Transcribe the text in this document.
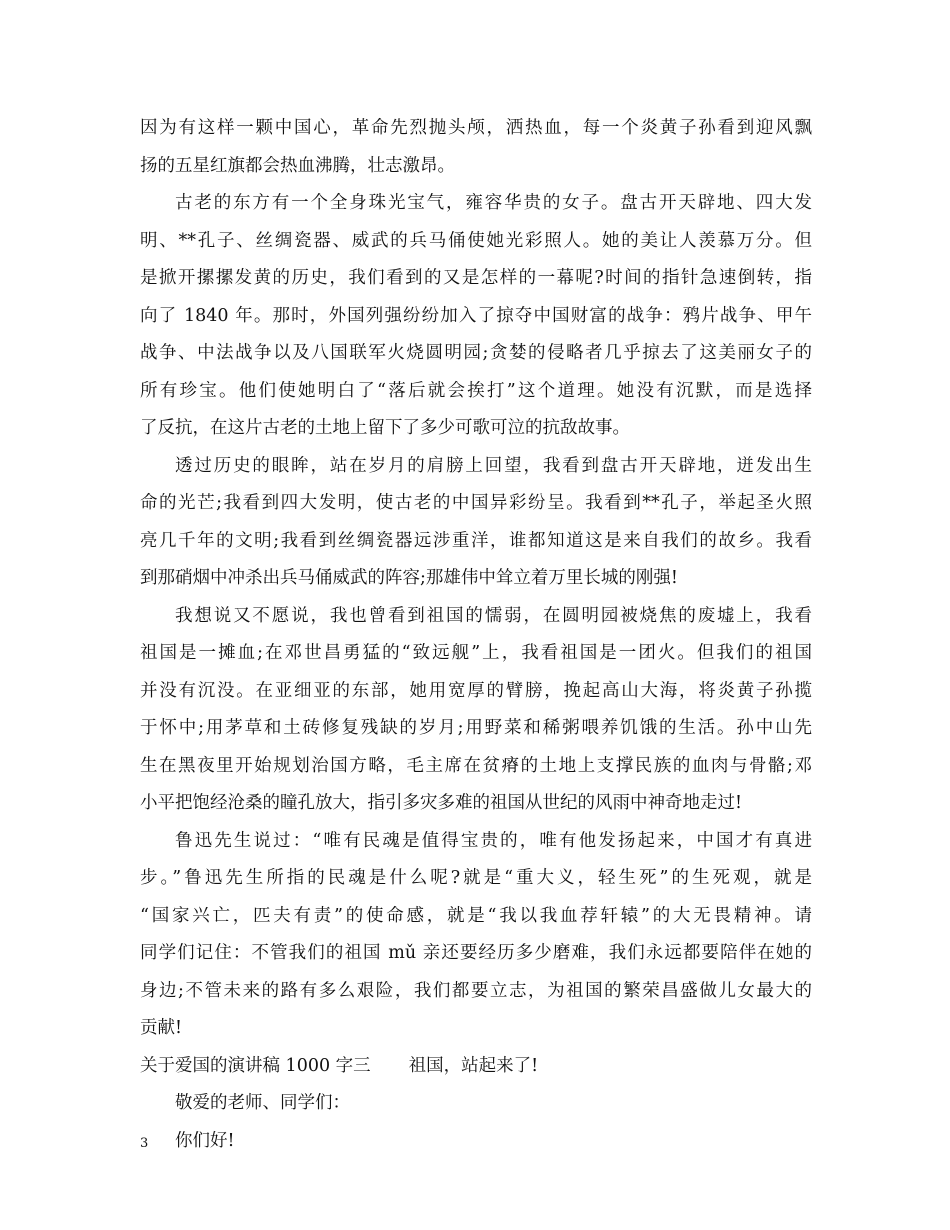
因为有这样一颗中国心，革命先烈抛头颅，洒热血，每一个炎黄子孙看到迎风飘
扬的五星红旗都会热血沸腾，壮志激昂。
古老的东方有一个全身珠光宝气，雍容华贵的女子。盘古开天辟地、四大发
明、**孔子、丝绸瓷器、威武的兵马俑使她光彩照人。她的美让人羡慕万分。但
是掀开摞摞发黄的历史，我们看到的又是怎样的一幕呢?时间的指针急速倒转，指
向了 1840 年。那时，外国列强纷纷加入了掠夺中国财富的战争：鸦片战争、甲午
战争、中法战争以及八国联军火烧圆明园;贪婪的侵略者几乎掠去了这美丽女子的
所有珍宝。他们使她明白了“落后就会挨打”这个道理。她没有沉默，而是选择
了反抗，在这片古老的土地上留下了多少可歌可泣的抗敌故事。
透过历史的眼眸，站在岁月的肩膀上回望，我看到盘古开天辟地，迸发出生
命的光芒;我看到四大发明，使古老的中国异彩纷呈。我看到**孔子，举起圣火照
亮几千年的文明;我看到丝绸瓷器远涉重洋，谁都知道这是来自我们的故乡。我看
到那硝烟中冲杀出兵马俑威武的阵容;那雄伟中耸立着万里长城的刚强!
我想说又不愿说，我也曾看到祖国的懦弱，在圆明园被烧焦的废墟上，我看
祖国是一摊血;在邓世昌勇猛的“致远舰”上，我看祖国是一团火。但我们的祖国
并没有沉没。在亚细亚的东部，她用宽厚的臂膀，挽起高山大海，将炎黄子孙揽
于怀中;用茅草和土砖修复残缺的岁月;用野菜和稀粥喂养饥饿的生活。孙中山先
生在黑夜里开始规划治国方略，毛主席在贫瘠的土地上支撑民族的血肉与骨骼;邓
小平把饱经沧桑的瞳孔放大，指引多灾多难的祖国从世纪的风雨中神奇地走过!
鲁迅先生说过：“唯有民魂是值得宝贵的，唯有他发扬起来，中国才有真进
步。”鲁迅先生所指的民魂是什么呢?就是“重大义，轻生死”的生死观，就是
“国家兴亡，匹夫有责”的使命感，就是“我以我血荐轩辕”的大无畏精神。请
同学们记住：不管我们的祖国 mǔ 亲还要经历多少磨难，我们永远都要陪伴在她的
身边;不管未来的路有多么艰险，我们都要立志，为祖国的繁荣昌盛做儿女最大的
贡献!
关于爱国的演讲稿 1000 字三 祖国，站起来了!
敬爱的老师、同学们：
你们好!
3
